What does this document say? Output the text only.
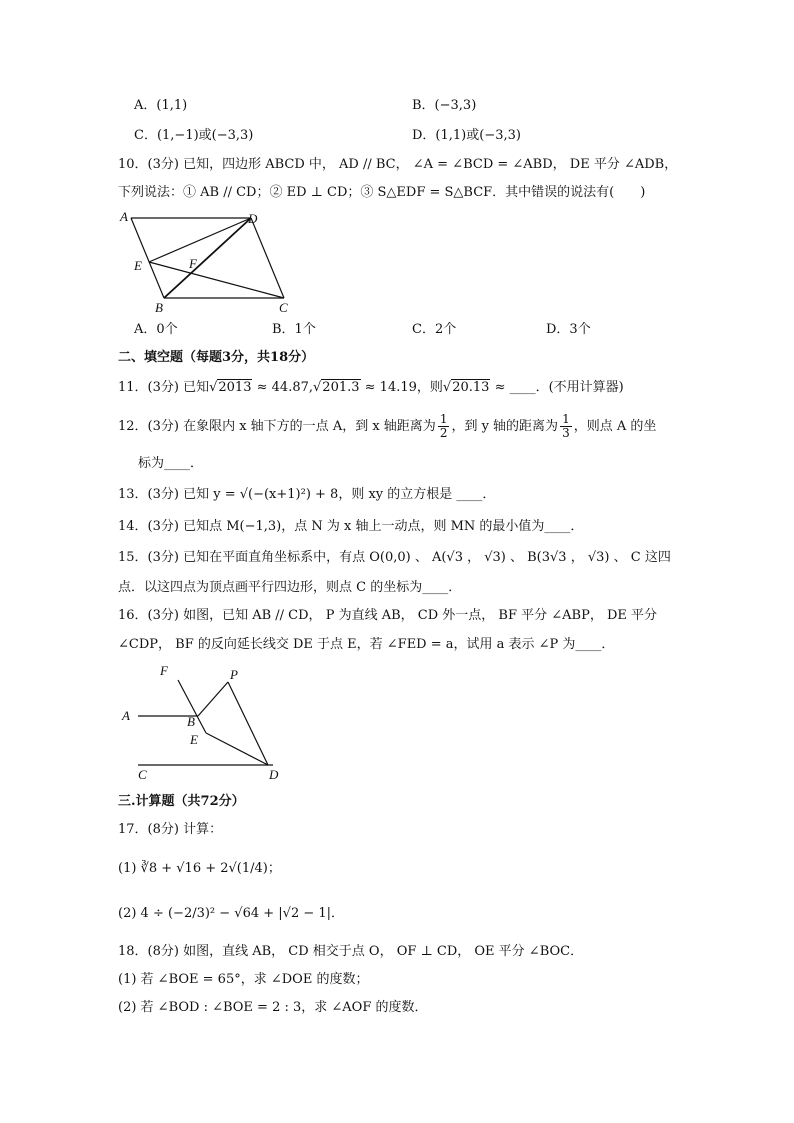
A．(1,1)	B．(−3,3)
C．(1,−1)或(−3,3)	D．(1,1)或(−3,3)
10．(3分) 已知，四边形 ABCD 中， AD // BC， ∠A = ∠BCD = ∠ABD， DE 平分 ∠ADB，
下列说法：① AB // CD；② ED ⊥ CD；③ S△EDF = S△BCF．其中错误的说法有(　　)
A	D
E	F
B	C
A．0个	B．1个	C．2个	D．3个
二、填空题（每题3分，共18分）
11．(3分) 已知√2013 ≈ 44.87,√201.3 ≈ 14.19，则√20.13 ≈ ____．(不用计算器)
12．(3分) 在象限内 x 轴下方的一点 A，到 x 轴距离为 $\frac{1}{2}$ ，到 y 轴的距离为 $\frac{1}{3}$ ，则点 A 的坐
标为____．
13．(3分) 已知 y = √(−(x+1)²) + 8，则 xy 的立方根是 ____．
14．(3分) 已知点 M(−1,3)，点 N 为 x 轴上一动点，则 MN 的最小值为____．
15．(3分) 已知在平面直角坐标系中，有点 O(0,0) 、 A(√3 ， √3) 、 B(3√3 ， √3) 、 C 这四
点．以这四点为顶点画平行四边形，则点 C 的坐标为____．
16．(3分) 如图，已知 AB // CD， P 为直线 AB， CD 外一点， BF 平分 ∠ABP， DE 平分
∠CDP， BF 的反向延长线交 DE 于点 E，若 ∠FED = a，试用 a 表示 ∠P 为____．
F	P
A	B
E
C	D
三.计算题（共72分）
17．(8分) 计算：
(1) ∛8 + √16 + 2√(1/4)；
(2) 4 ÷ (−2/3)² − √64 + |√2 − 1|．
18．(8分) 如图，直线 AB， CD 相交于点 O， OF ⊥ CD， OE 平分 ∠BOC．
(1) 若 ∠BOE = 65°，求 ∠DOE 的度数；
(2) 若 ∠BOD : ∠BOE = 2 : 3，求 ∠AOF 的度数．
